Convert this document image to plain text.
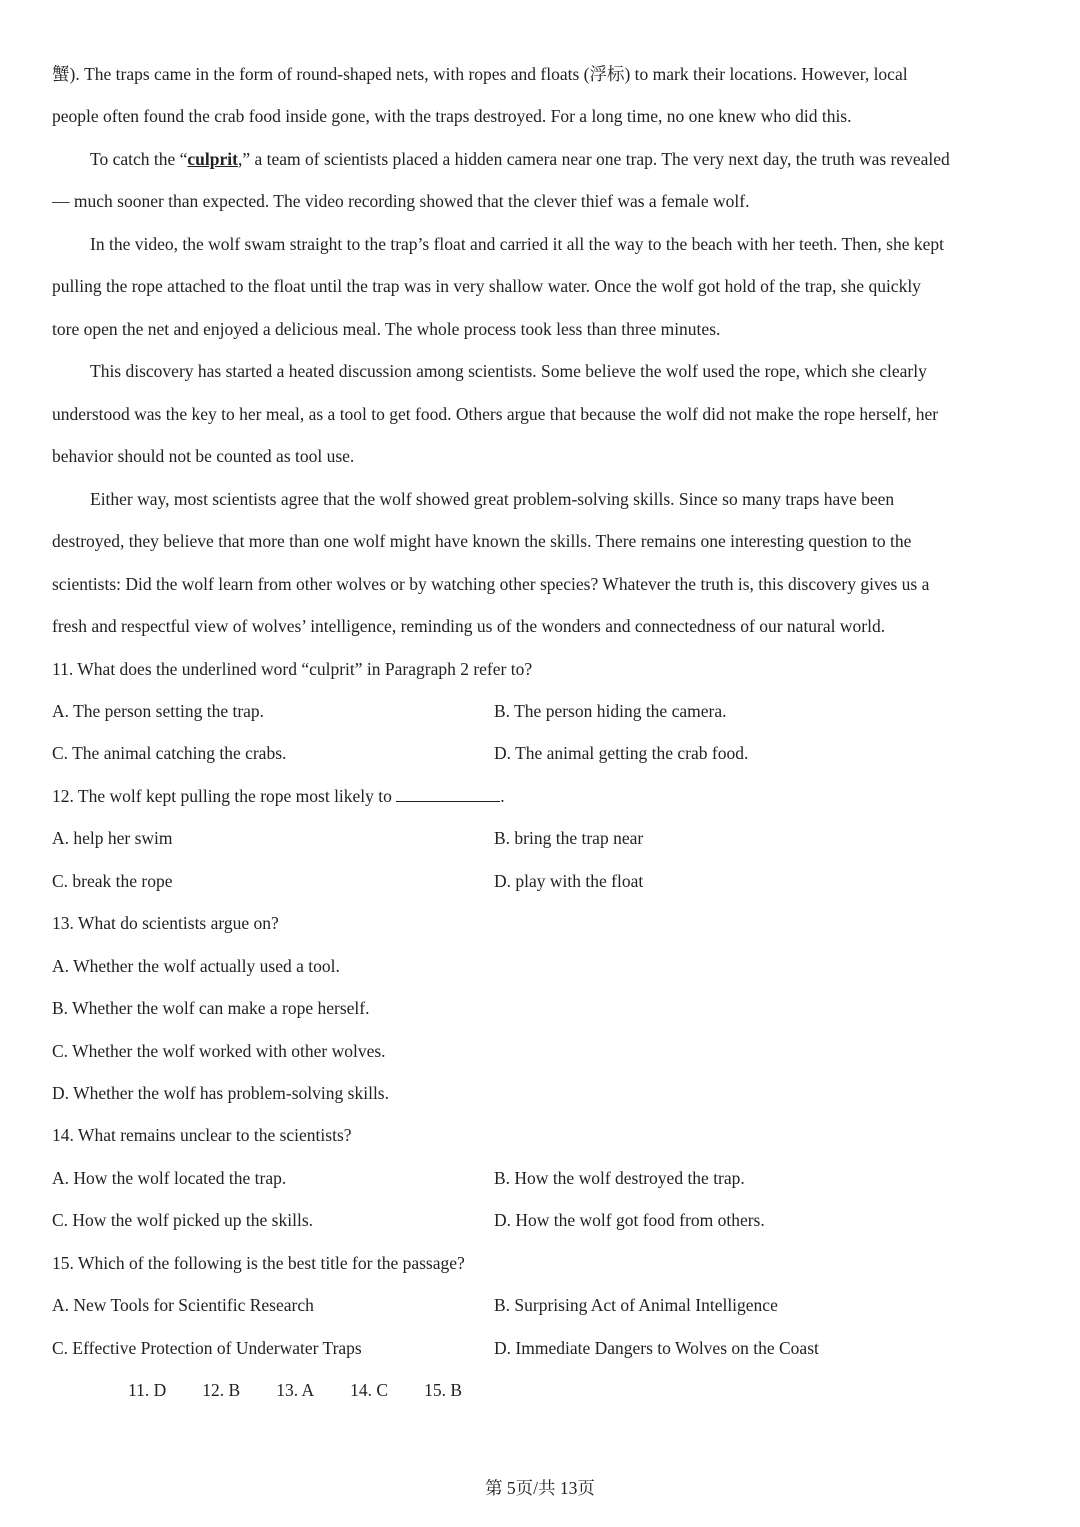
蟹). The traps came in the form of round-shaped nets, with ropes and floats (浮标) to mark their locations. However, local
people often found the crab food inside gone, with the traps destroyed. For a long time, no one knew who did this.
To catch the “culprit,” a team of scientists placed a hidden camera near one trap. The very next day, the truth was revealed
— much sooner than expected. The video recording showed that the clever thief was a female wolf.
In the video, the wolf swam straight to the trap’s float and carried it all the way to the beach with her teeth. Then, she kept
pulling the rope attached to the float until the trap was in very shallow water. Once the wolf got hold of the trap, she quickly
tore open the net and enjoyed a delicious meal. The whole process took less than three minutes.
This discovery has started a heated discussion among scientists. Some believe the wolf used the rope, which she clearly
understood was the key to her meal, as a tool to get food. Others argue that because the wolf did not make the rope herself, her
behavior should not be counted as tool use.
Either way, most scientists agree that the wolf showed great problem-solving skills. Since so many traps have been
destroyed, they believe that more than one wolf might have known the skills. There remains one interesting question to the
scientists: Did the wolf learn from other wolves or by watching other species? Whatever the truth is, this discovery gives us a
fresh and respectful view of wolves’ intelligence, reminding us of the wonders and connectedness of our natural world.
11. What does the underlined word “culprit” in Paragraph 2 refer to?
A. The person setting the trap.	B. The person hiding the camera.
C. The animal catching the crabs.	D. The animal getting the crab food.
12. The wolf kept pulling the rope most likely to	.
A. help her swim	B. bring the trap near
C. break the rope	D. play with the float
13. What do scientists argue on?
A. Whether the wolf actually used a tool.
B. Whether the wolf can make a rope herself.
C. Whether the wolf worked with other wolves.
D. Whether the wolf has problem-solving skills.
14. What remains unclear to the scientists?
A. How the wolf located the trap.	B. How the wolf destroyed the trap.
C. How the wolf picked up the skills.	D. How the wolf got food from others.
15. Which of the following is the best title for the passage?
A. New Tools for Scientific Research	B. Surprising Act of Animal Intelligence
C. Effective Protection of Underwater Traps	D. Immediate Dangers to Wolves on the Coast
11. D 12. B 13. A 14. C 15. B
第 5页/共 13页
